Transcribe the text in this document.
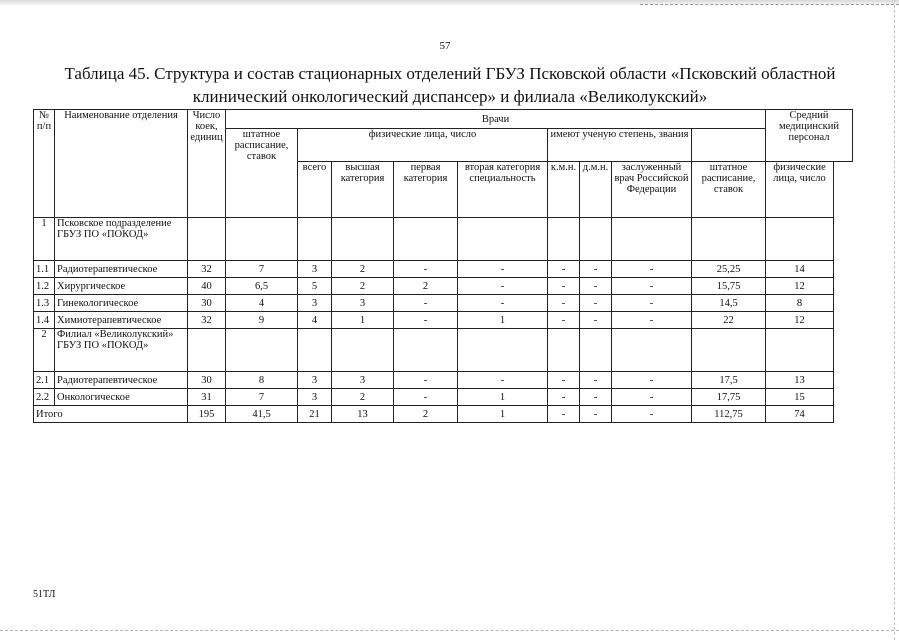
57
Таблица 45. Структура и состав стационарных отделений ГБУЗ Псковской области «Псковский областной клинический онкологический диспансер» и филиала «Великолукский»
№ п/п	Наименование отделения	Число коек, единиц	Врачи									Средний медицинский персонал
			штатное расписание, ставок	физические лица, число				имеют ученую степень, звания				
				всего	высшая категория	первая категория	вторая категория специальность	к.м.н.	д.м.н.	заслуженный врач Российской Федерации	штатное расписание, ставок	физические лица, число
1	Псковское подразделение ГБУЗ ПО «ПОКОД»											
1.1	Радиотерапевтическое	32	7	3	2	-	-	-	-	-	25,25	14
1.2	Хирургическое	40	6,5	5	2	2	-	-	-	-	15,75	12
1.3	Гинекологическое	30	4	3	3	-	-	-	-	-	14,5	8
1.4	Химиотерапевтическое	32	9	4	1	-	1	-	-	-	22	12
2	Филиал «Великолукский» ГБУЗ ПО «ПОКОД»											
2.1	Радиотерапевтическое	30	8	3	3	-	-	-	-	-	17,5	13
2.2	Онкологическое	31	7	3	2	-	1	-	-	-	17,75	15
Итого		195	41,5	21	13	2	1	-	-	-	112,75	74
51ТЛ
